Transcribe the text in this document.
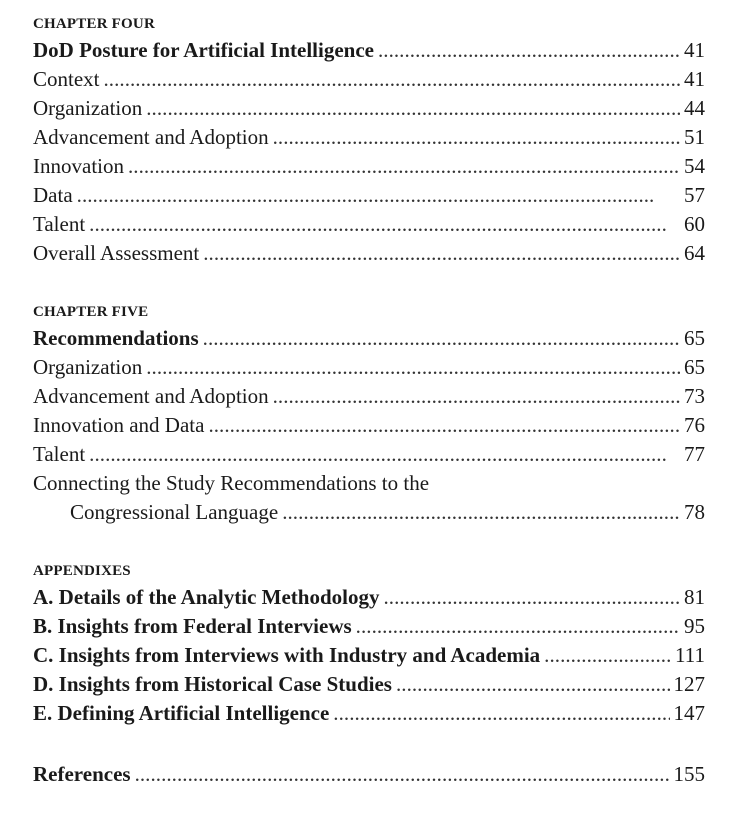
CHAPTER FOUR
DoD Posture for Artificial Intelligence . . .	41
Context . . .	41
Organization . . .	44
Advancement and Adoption . . .	51
Innovation . . .	54
Data . . .	57
Talent . . .	60
Overall Assessment . . .	64
CHAPTER FIVE
Recommendations . . .	65
Organization . . .	65
Advancement and Adoption . . .	73
Innovation and Data . . .	76
Talent . . .	77
Connecting the Study Recommendations to the
Congressional Language . . .	78
APPENDIXES
A. Details of the Analytic Methodology . . .	81
B. Insights from Federal Interviews . . .	95
C. Insights from Interviews with Industry and Academia . . .	111
D. Insights from Historical Case Studies . . .	127
E. Defining Artificial Intelligence . . .	147
References . . .	155
